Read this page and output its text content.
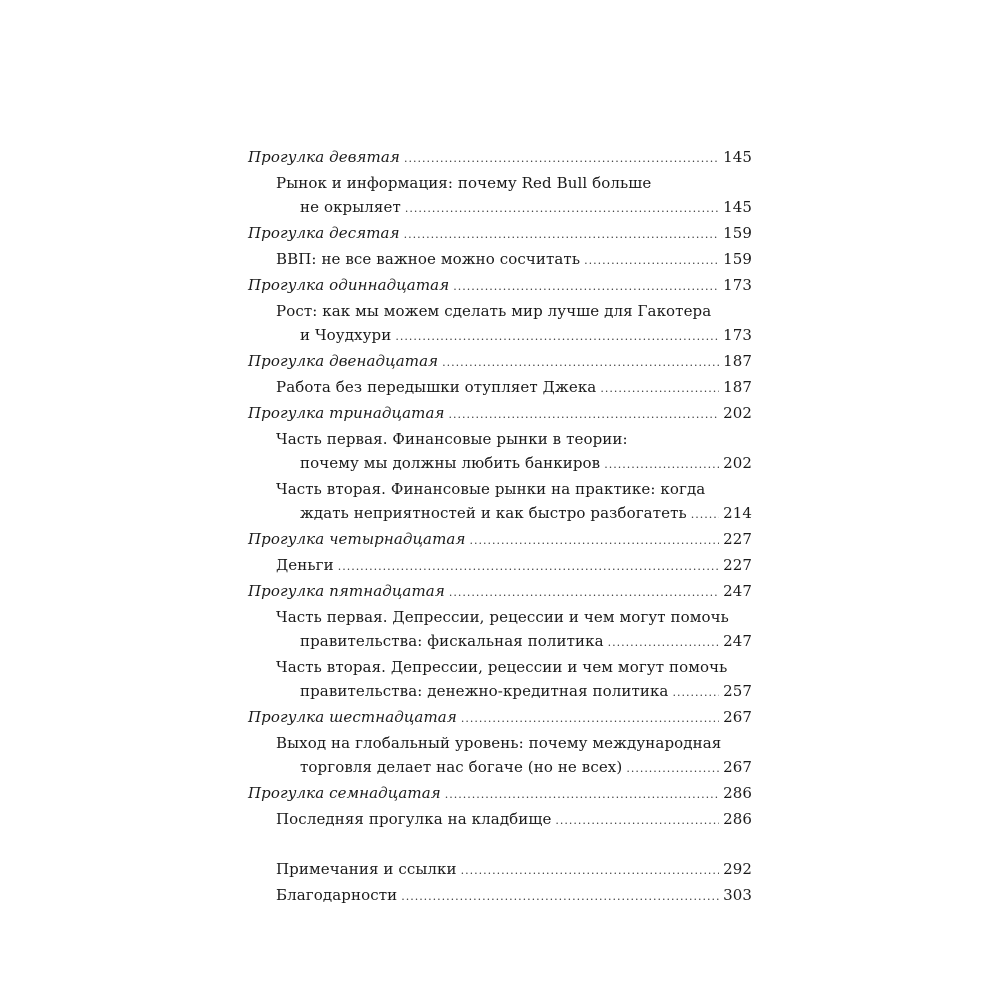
Прогулка девятая .....	145
Рынок и информация: почему Red Bull больше
не окрыляет .....	145
Прогулка десятая .....	159
ВВП: не все важное можно сосчитать .....	159
Прогулка одиннадцатая .....	173
Рост: как мы можем сделать мир лучше для Гакотера
и Чоудхури .....	173
Прогулка двенадцатая .....	187
Работа без передышки отупляет Джека .....	187
Прогулка тринадцатая .....	202
Часть первая. Финансовые рынки в теории:
почему мы должны любить банкиров .....	202
Часть вторая. Финансовые рынки на практике: когда
ждать неприятностей и как быстро разбогатеть ..... 214
Прогулка четырнадцатая .....	227
Деньги .....	227
Прогулка пятнадцатая .....	247
Часть первая. Депрессии, рецессии и чем могут помочь
правительства: фискальная политика .....	247
Часть вторая. Депрессии, рецессии и чем могут помочь
правительства: денежно-кредитная политика .....	257
Прогулка шестнадцатая .....	267
Выход на глобальный уровень: почему международная
торговля делает нас богаче (но не всех) .....	267
Прогулка семнадцатая .....	286
Последняя прогулка на кладбище .....	286
Примечания и ссылки .....	292
Благодарности .....	303
